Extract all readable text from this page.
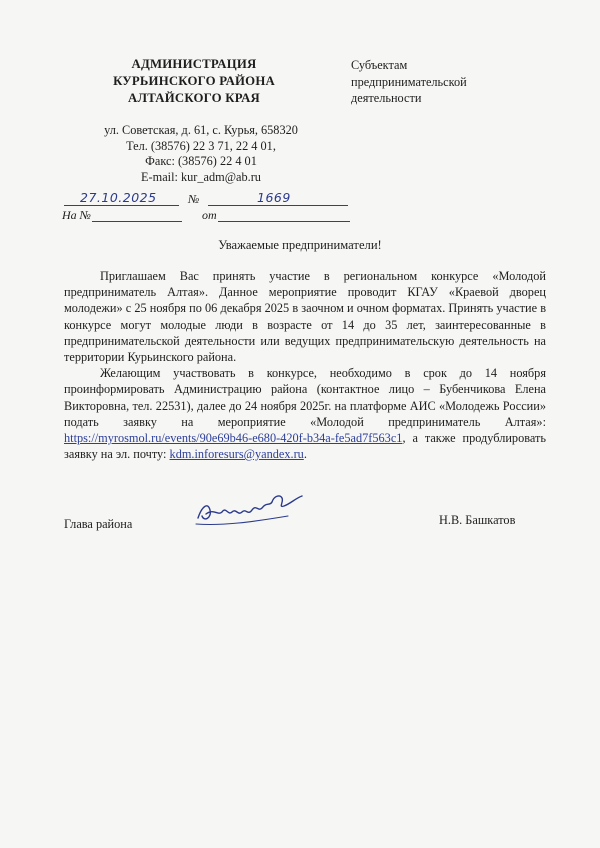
АДМИНИСТРАЦИЯ
КУРЬИНСКОГО РАЙОНА
АЛТАЙСКОГО КРАЯ
Субъектам
предпринимательской
деятельности
ул. Советская, д. 61, с. Курья, 658320
Тел. (38576) 22 3 71, 22 4 01,
Факс: (38576) 22 4 01
E-mail: kur_adm@ab.ru
27.10.2025	№	1669
На №	от
Уважаемые предприниматели!

Приглашаем Вас принять участие в региональном конкурсе «Молодой предприниматель Алтая». Данное мероприятие проводит КГАУ «Краевой дворец молодежи» с 25 ноября по 06 декабря 2025 в заочном и очном форматах. Принять участие в конкурсе могут молодые люди в возрасте от 14 до 35 лет, заинтересованные в предпринимательской деятельности или ведущих предпринимательскую деятельность на территории Курьинского района.

Желающим участвовать в конкурсе, необходимо в срок до 14 ноября проинформировать Администрацию района (контактное лицо – Бубенчикова Елена Викторовна, тел. 22531), далее до 24 ноября 2025г. на платформе АИС «Молодежь России» подать заявку на мероприятие «Молодой предприниматель Алтая»: https://myrosmol.ru/events/90e69b46-e680-420f-b34a-fe5ad7f563c1, а также продублировать заявку на эл. почту: kdm.inforesurs@yandex.ru.

Глава района	Н.В. Башкатов
